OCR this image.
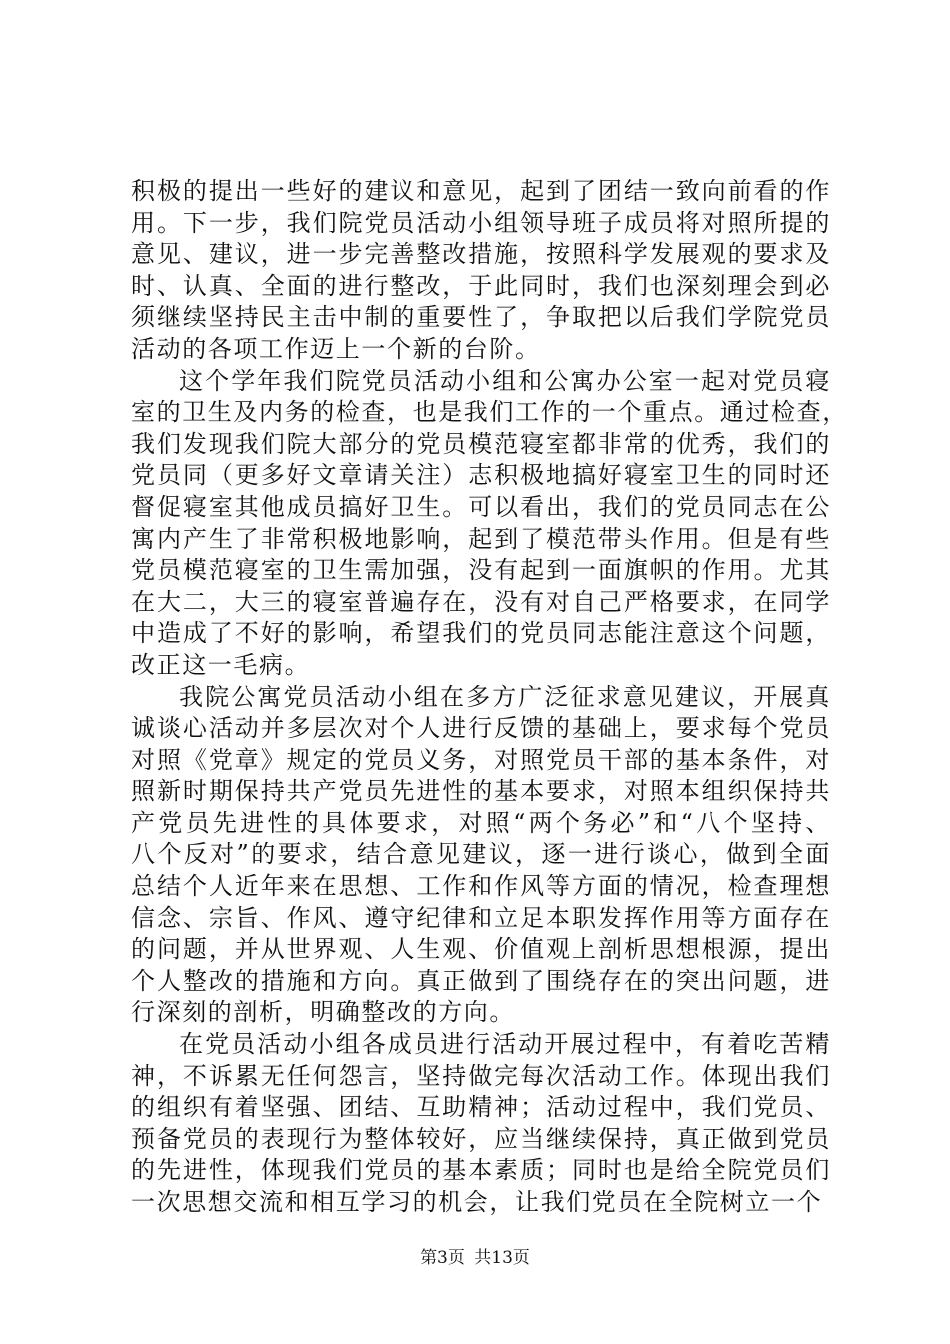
积极的提出一些好的建议和意见，起到了团结一致向前看的作
用。下一步，我们院党员活动小组领导班子成员将对照所提的
意见、建议，进一步完善整改措施，按照科学发展观的要求及
时、认真、全面的进行整改，于此同时，我们也深刻理会到必
须继续坚持民主击中制的重要性了，争取把以后我们学院党员
活动的各项工作迈上一个新的台阶。
这个学年我们院党员活动小组和公寓办公室一起对党员寝
室的卫生及内务的检查，也是我们工作的一个重点。通过检查，
我们发现我们院大部分的党员模范寝室都非常的优秀，我们的
党员同（更多好文章请关注）志积极地搞好寝室卫生的同时还
督促寝室其他成员搞好卫生。可以看出，我们的党员同志在公
寓内产生了非常积极地影响，起到了模范带头作用。但是有些
党员模范寝室的卫生需加强，没有起到一面旗帜的作用。尤其
在大二，大三的寝室普遍存在，没有对自己严格要求，在同学
中造成了不好的影响，希望我们的党员同志能注意这个问题，
改正这一毛病。
我院公寓党员活动小组在多方广泛征求意见建议，开展真
诚谈心活动并多层次对个人进行反馈的基础上，要求每个党员
对照《党章》规定的党员义务，对照党员干部的基本条件，对
照新时期保持共产党员先进性的基本要求，对照本组织保持共
产党员先进性的具体要求，对照“两个务必”和“八个坚持、
八个反对”的要求，结合意见建议，逐一进行谈心，做到全面
总结个人近年来在思想、工作和作风等方面的情况，检查理想
信念、宗旨、作风、遵守纪律和立足本职发挥作用等方面存在
的问题，并从世界观、人生观、价值观上剖析思想根源，提出
个人整改的措施和方向。真正做到了围绕存在的突出问题，进
行深刻的剖析，明确整改的方向。
在党员活动小组各成员进行活动开展过程中，有着吃苦精
神，不诉累无任何怨言，坚持做完每次活动工作。体现出我们
的组织有着坚强、团结、互助精神；活动过程中，我们党员、
预备党员的表现行为整体较好，应当继续保持，真正做到党员
的先进性，体现我们党员的基本素质；同时也是给全院党员们
一次思想交流和相互学习的机会，让我们党员在全院树立一个
第3页 共13页
